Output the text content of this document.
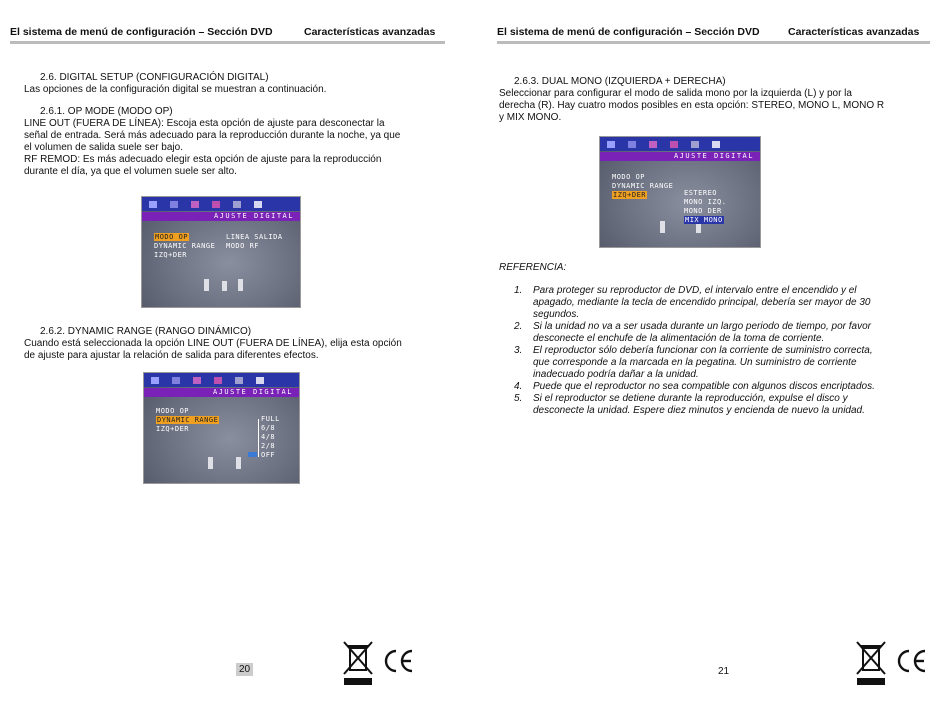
El sistema de menú de configuración – Sección DVD	Características avanzadas
2.6. DIGITAL SETUP (CONFIGURACIÓN DIGITAL)
Las opciones de la configuración digital se muestran a continuación.
2.6.1. OP MODE (MODO OP)
LINE OUT (FUERA DE LÍNEA): Escoja esta opción de ajuste para desconectar la
señal de entrada. Será más adecuado para la reproducción durante la noche, ya que
el volumen de salida suele ser bajo.
RF REMOD: Es más adecuado elegir esta opción de ajuste para la reproducción
durante el día, ya que el volumen suele ser alto.
AJUSTE DIGITAL
MODO OP
DYNAMIC RANGE
IZQ+DER
LINEA SALIDA
MODO RF
2.6.2. DYNAMIC RANGE (RANGO DINÁMICO)
Cuando está seleccionada la opción LINE OUT (FUERA DE LÍNEA), elija esta opción
de ajuste para ajustar la relación de salida para diferentes efectos.
AJUSTE DIGITAL
MODO OP
DYNAMIC RANGE
IZQ+DER
FULL
6/8
4/8
2/8
OFF
20
El sistema de menú de configuración – Sección DVD	Características avanzadas
2.6.3. DUAL MONO (IZQUIERDA + DERECHA)
Seleccionar para configurar el modo de salida mono por la izquierda (L) y por la
derecha (R). Hay cuatro modos posibles en esta opción: STEREO, MONO L, MONO R
y MIX MONO.
AJUSTE DIGITAL
MODO OP
DYNAMIC RANGE
IZQ+DER	ESTEREO
MONO IZQ.
MONO DER
MIX MONO
REFERENCIA:
1. Para proteger su reproductor de DVD, el intervalo entre el encendido y el
apagado, mediante la tecla de encendido principal, debería ser mayor de 30
segundos.
2. Si la unidad no va a ser usada durante un largo periodo de tiempo, por favor
desconecte el enchufe de la alimentación de la toma de corriente.
3. El reproductor sólo debería funcionar con la corriente de suministro correcta,
que corresponde a la marcada en la pegatina. Un suministro de corriente
inadecuado podría dañar a la unidad.
4. Puede que el reproductor no sea compatible con algunos discos encriptados.
5. Si el reproductor se detiene durante la reproducción, expulse el disco y
desconecte la unidad. Espere diez minutos y encienda de nuevo la unidad.
21
